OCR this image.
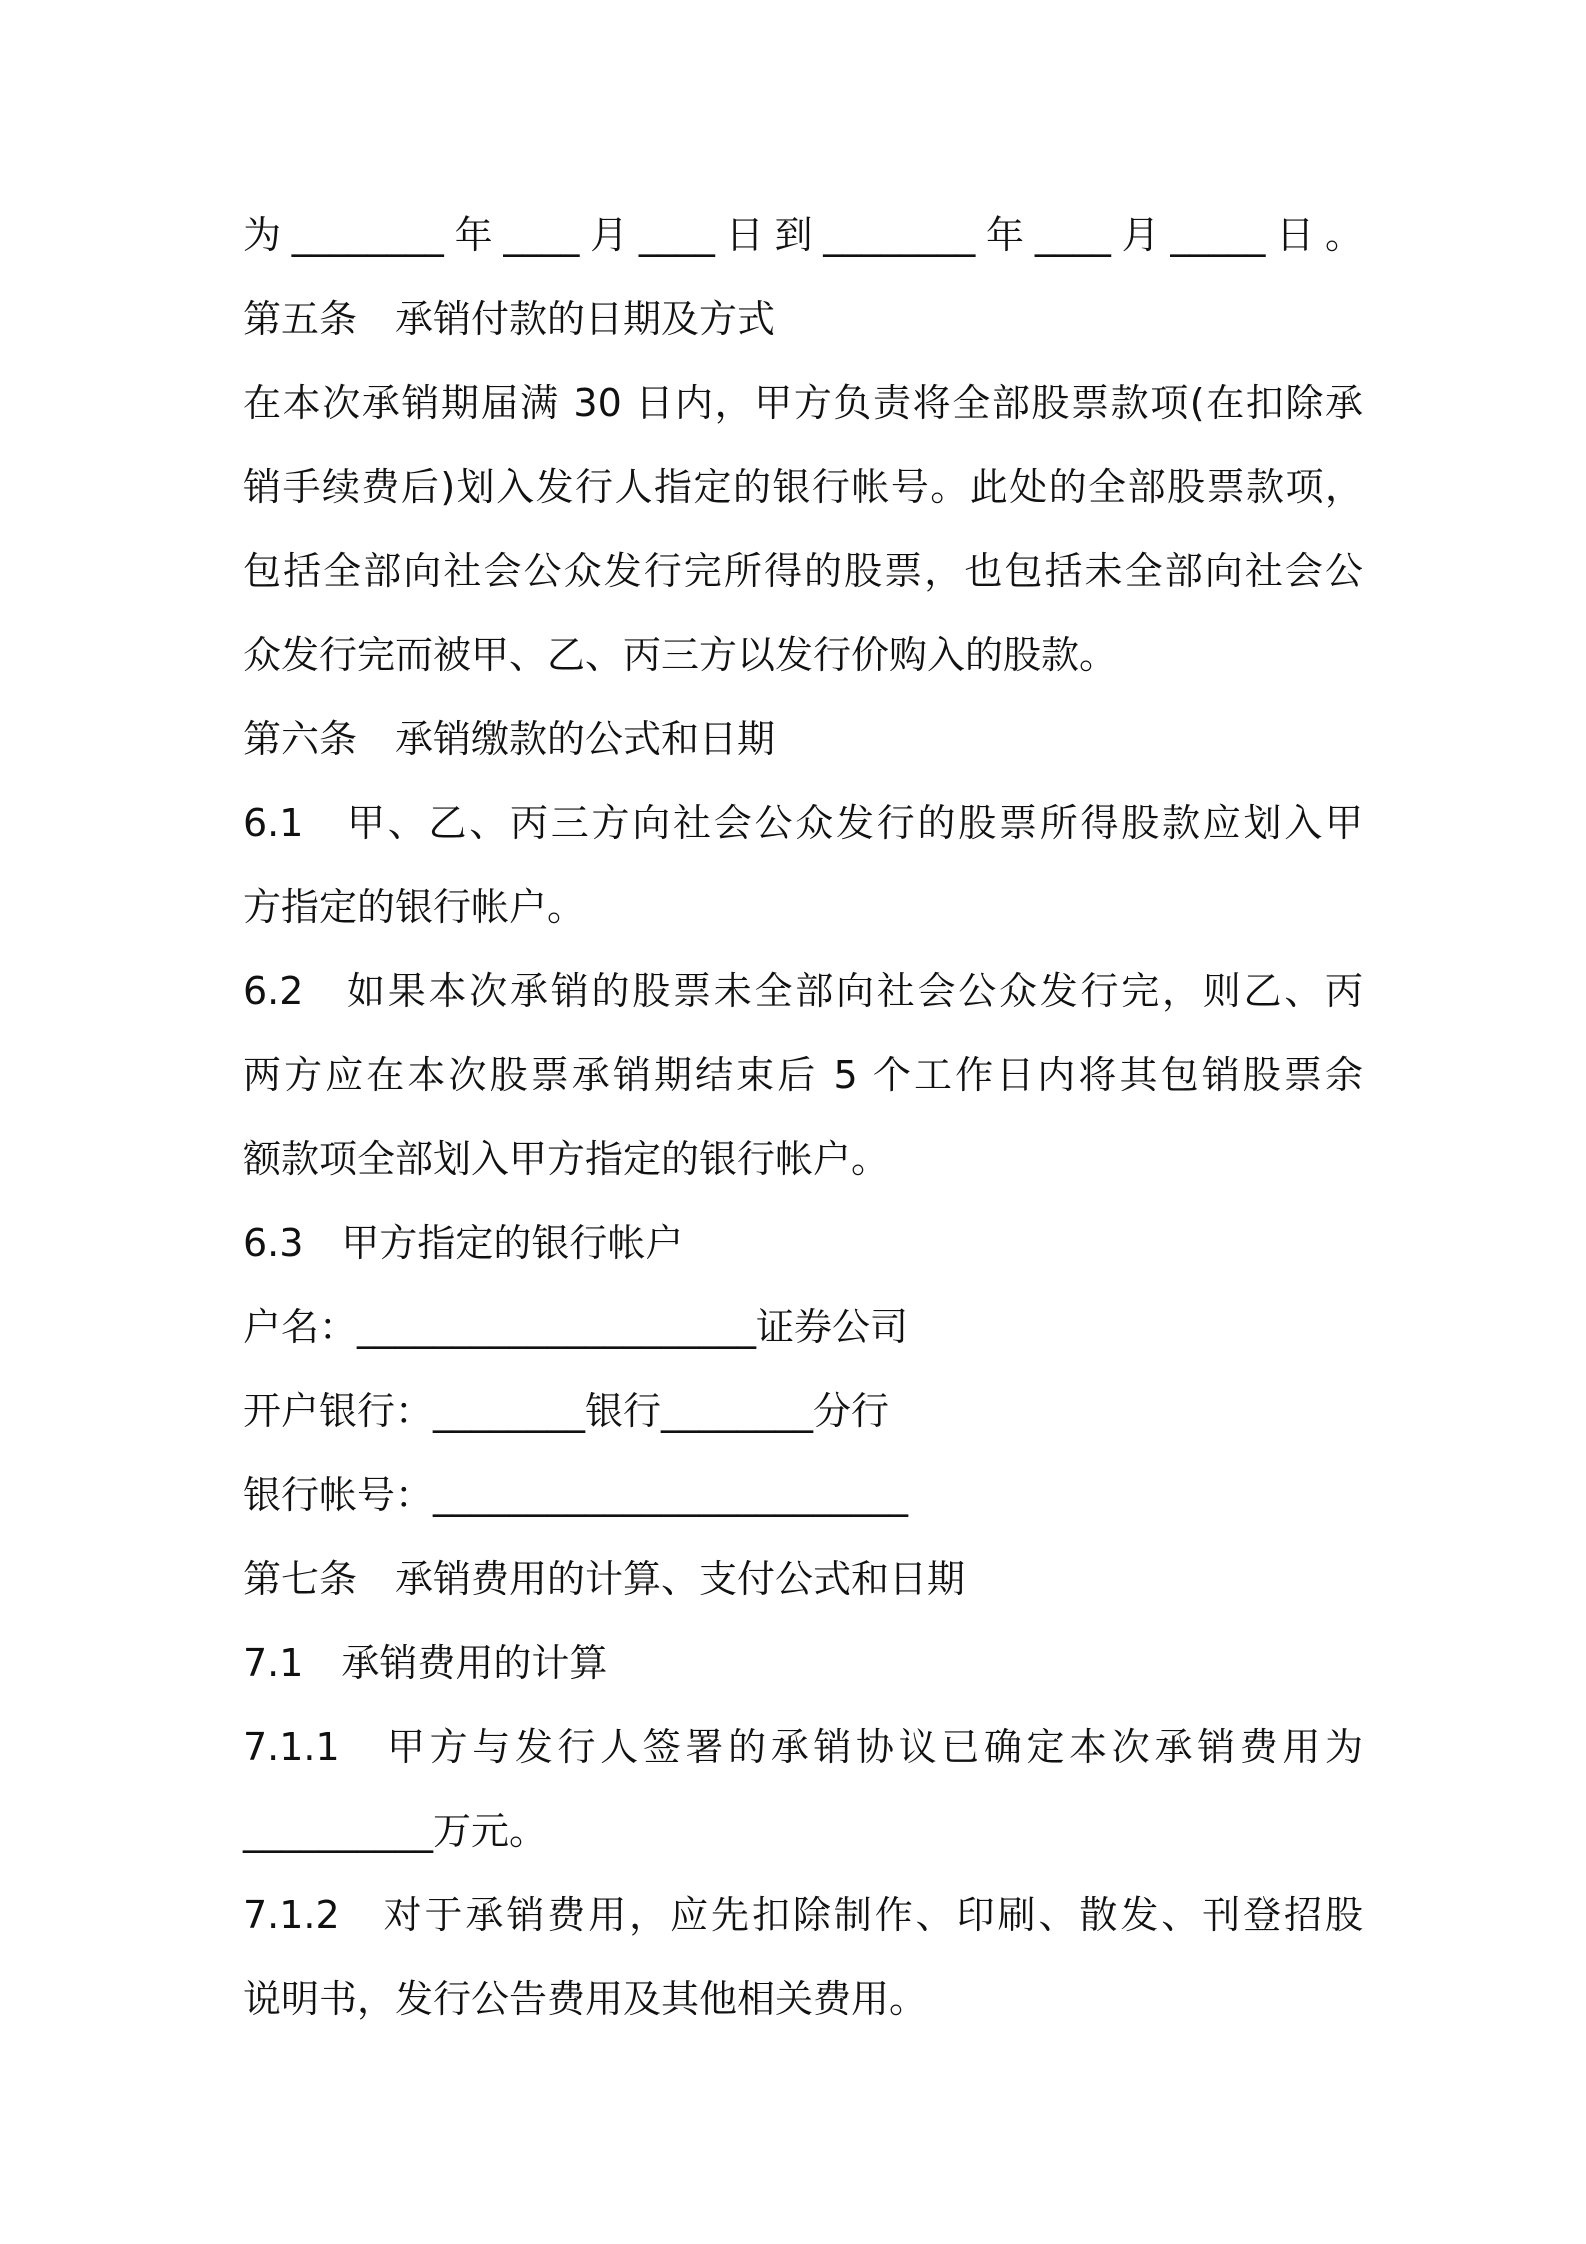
为________年____月____日到________年____月_____日。
第五条　承销付款的日期及方式
在本次承销期届满 30 日内，甲方负责将全部股票款项(在扣除承
销手续费后)划入发行人指定的银行帐号。此处的全部股票款项，
包括全部向社会公众发行完所得的股票，也包括未全部向社会公
众发行完而被甲、乙、丙三方以发行价购入的股款。
第六条　承销缴款的公式和日期
6.1　甲、乙、丙三方向社会公众发行的股票所得股款应划入甲
方指定的银行帐户。
6.2　如果本次承销的股票未全部向社会公众发行完，则乙、丙
两方应在本次股票承销期结束后 5 个工作日内将其包销股票余
额款项全部划入甲方指定的银行帐户。
6.3　甲方指定的银行帐户
户名：_____________________证券公司
开户银行：________银行________分行
银行帐号：_________________________
第七条　承销费用的计算、支付公式和日期
7.1　承销费用的计算
7.1.1　甲方与发行人签署的承销协议已确定本次承销费用为
__________万元。
7.1.2　对于承销费用，应先扣除制作、印刷、散发、刊登招股
说明书，发行公告费用及其他相关费用。
